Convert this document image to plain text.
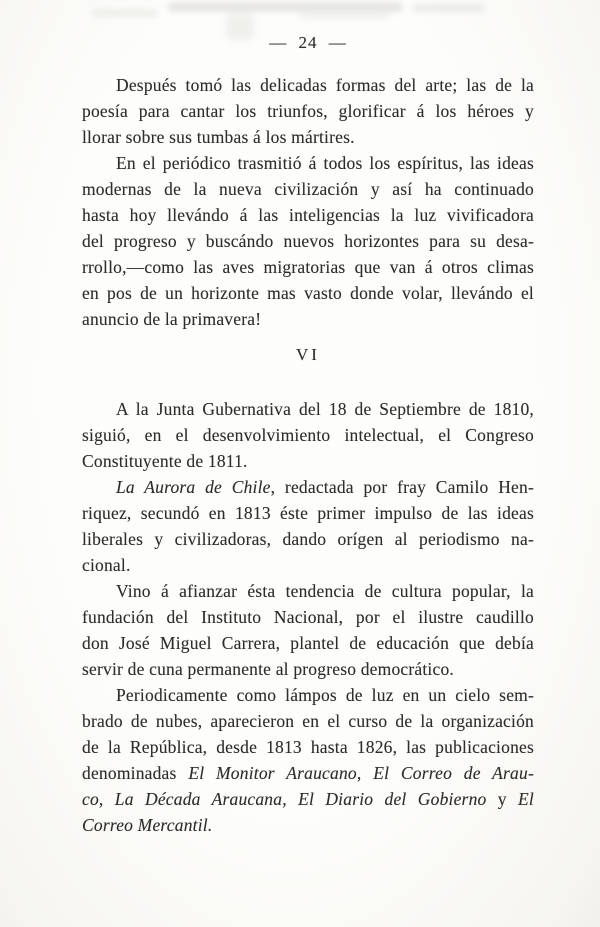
— 24 —
Después tomó las delicadas formas del arte; las de la
poesía para cantar los triunfos, glorificar á los héroes y
llorar sobre sus tumbas á los mártires.
En el periódico trasmitió á todos los espíritus, las ideas
modernas de la nueva civilización y así ha continuado
hasta hoy llevándo á las inteligencias la luz vivificadora
del progreso y buscándo nuevos horizontes para su desa-
rrollo,—como las aves migratorias que van á otros climas
en pos de un horizonte mas vasto donde volar, llevándo el
anuncio de la primavera!
VI
A la Junta Gubernativa del 18 de Septiembre de 1810,
siguió, en el desenvolvimiento intelectual, el Congreso
Constituyente de 1811.
La Aurora de Chile, redactada por fray Camilo Hen-
riquez, secundó en 1813 éste primer impulso de las ideas
liberales y civilizadoras, dando orígen al periodismo na-
cional.
Vino á afianzar ésta tendencia de cultura popular, la
fundación del Instituto Nacional, por el ilustre caudillo
don José Miguel Carrera, plantel de educación que debía
servir de cuna permanente al progreso democrático.
Periodicamente como lámpos de luz en un cielo sem-
brado de nubes, aparecieron en el curso de la organización
de la República, desde 1813 hasta 1826, las publicaciones
denominadas El Monitor Araucano, El Correo de Arau-
co, La Década Araucana, El Diario del Gobierno y El
Correo Mercantil.
